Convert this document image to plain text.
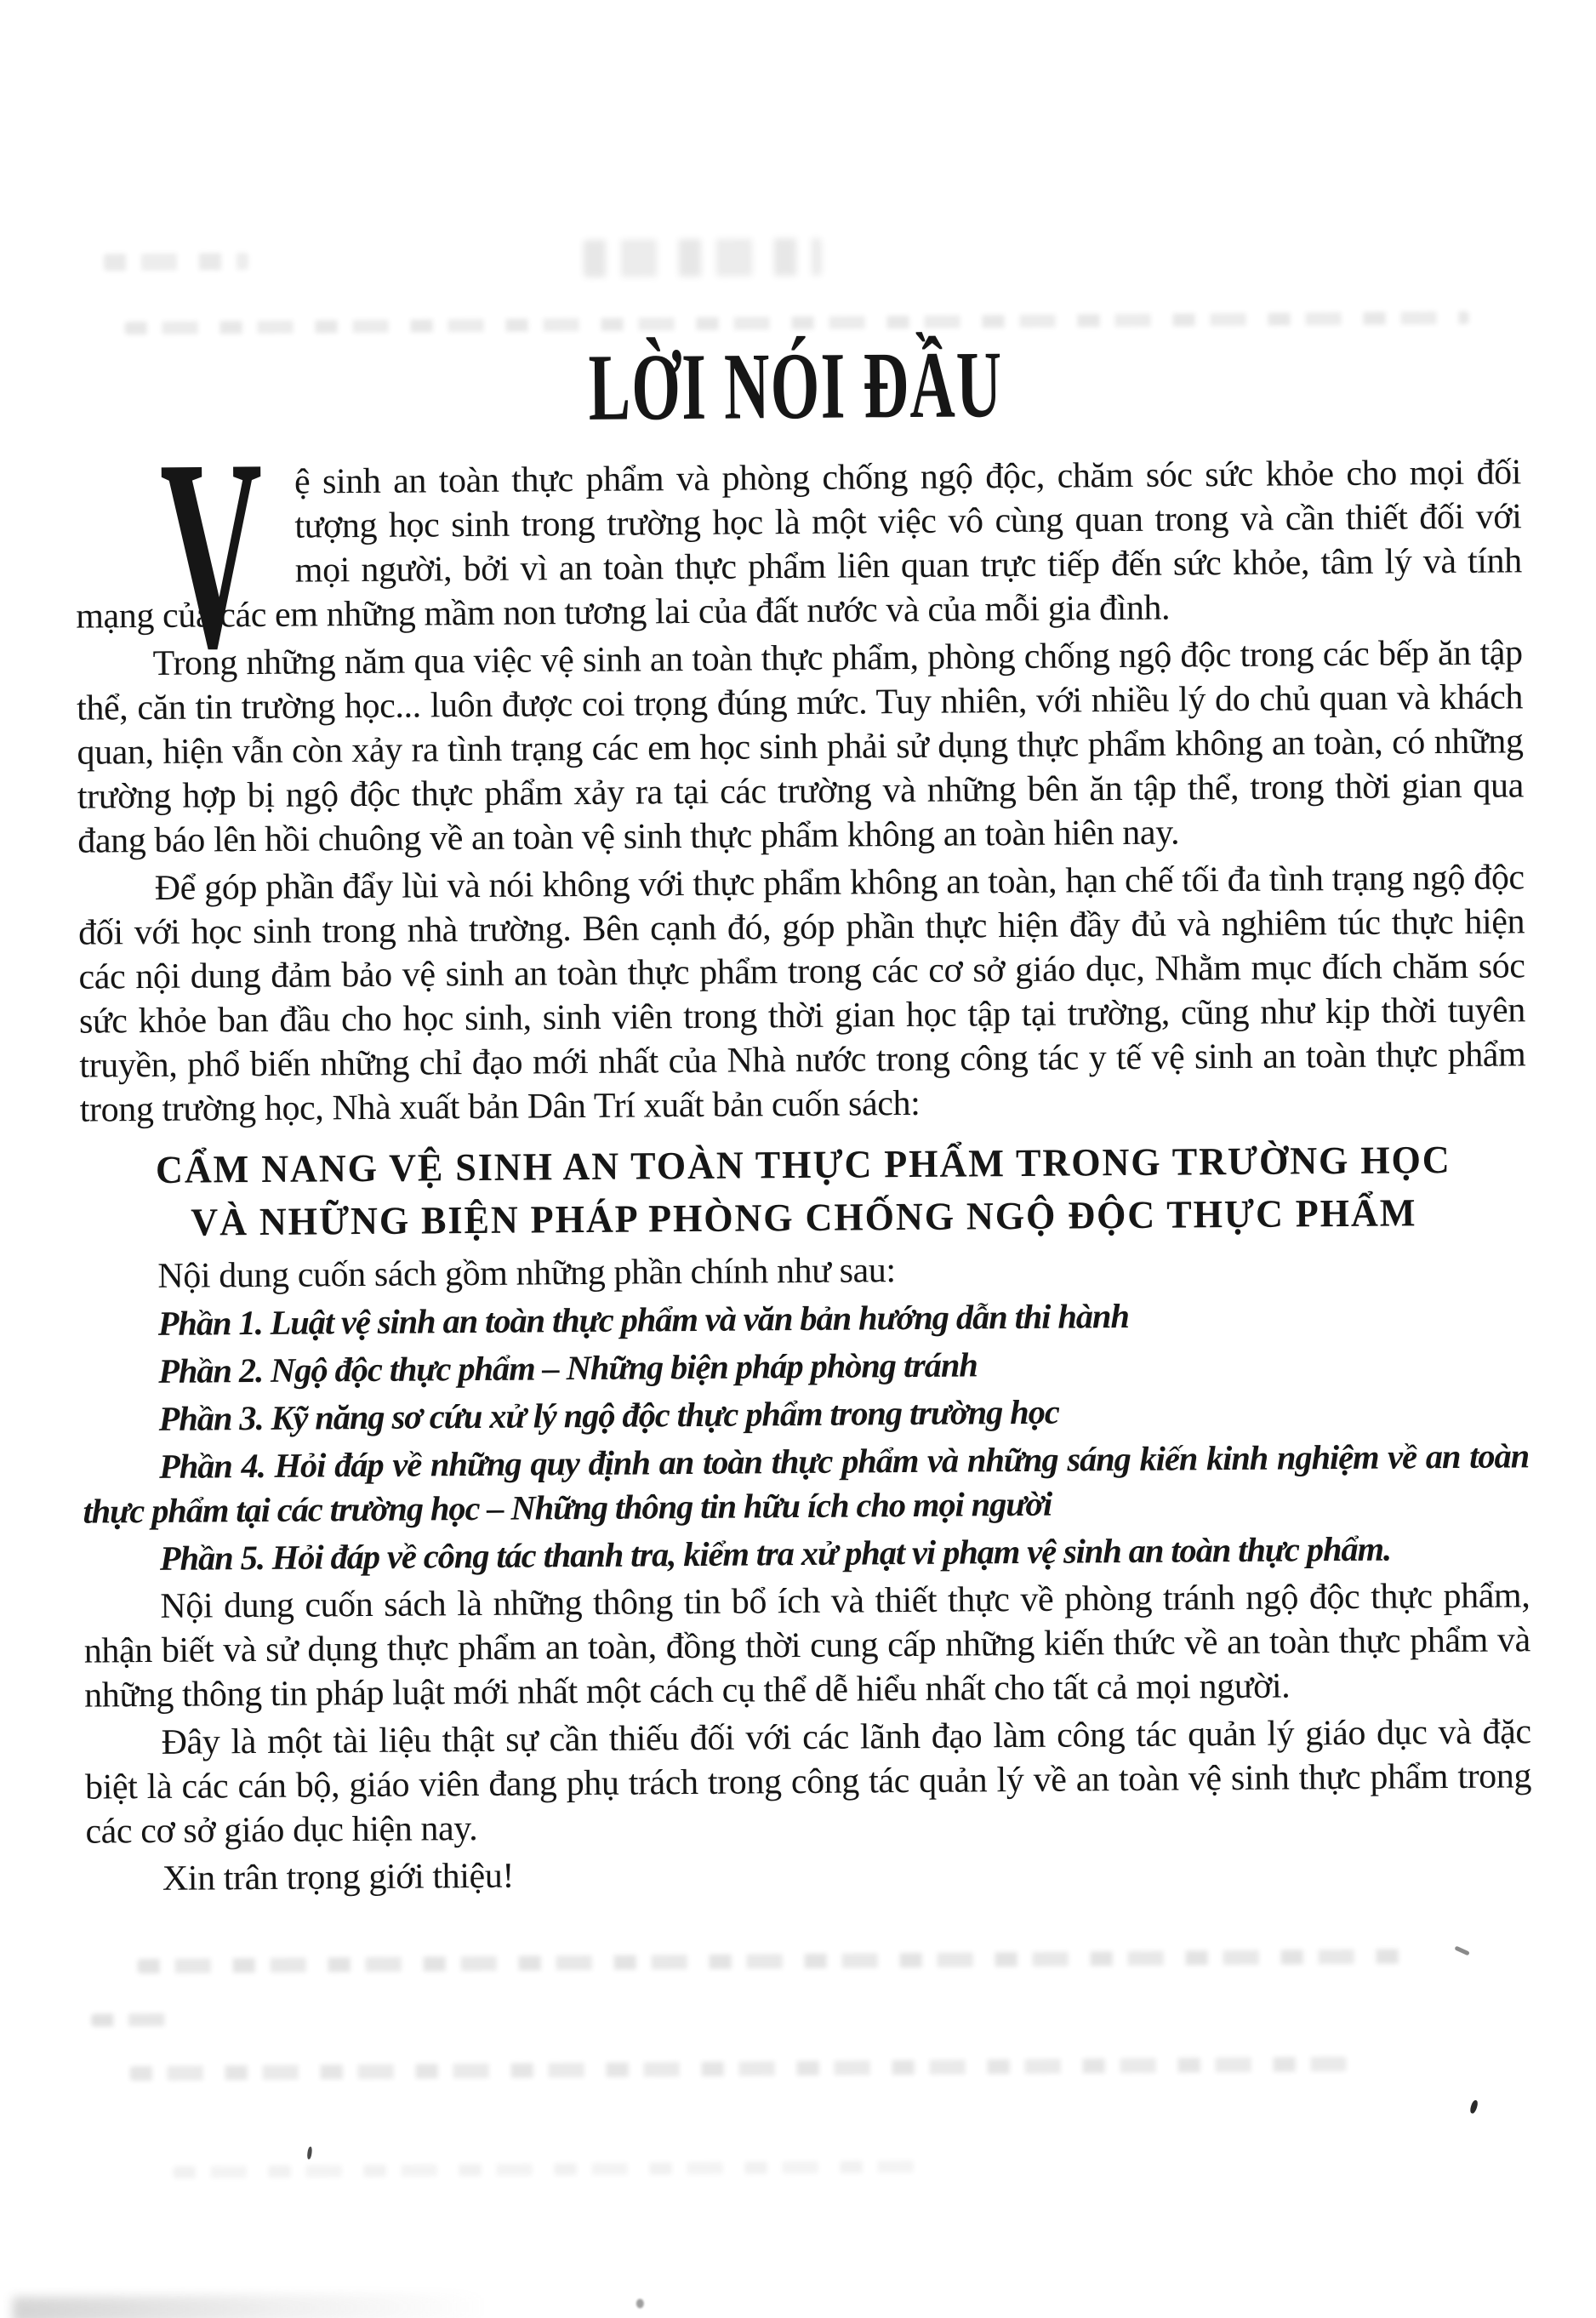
LỜI NÓI ĐẦU
V ệ sinh an toàn thực phẩm và phòng chống ngộ độc, chăm sóc sức khỏe cho mọi đối tượng học sinh trong trường học là một việc vô cùng quan trong và cần thiết đối với mọi người, bởi vì an toàn thực phẩm liên quan trực tiếp đến sức khỏe, tâm lý và tính mạng của các em những mầm non tương lai của đất nước và của mỗi gia đình.

Trong những năm qua việc vệ sinh an toàn thực phẩm, phòng chống ngộ độc trong các bếp ăn tập thể, căn tin trường học... luôn được coi trọng đúng mức. Tuy nhiên, với nhiều lý do chủ quan và khách quan, hiện vẫn còn xảy ra tình trạng các em học sinh phải sử dụng thực phẩm không an toàn, có những trường hợp bị ngộ độc thực phẩm xảy ra tại các trường và những bên ăn tập thể, trong thời gian qua đang báo lên hồi chuông về an toàn vệ sinh thực phẩm không an toàn hiên nay.

Để góp phần đẩy lùi và nói không với thực phẩm không an toàn, hạn chế tối đa tình trạng ngộ độc đối với học sinh trong nhà trường. Bên cạnh đó, góp phần thực hiện đầy đủ và nghiêm túc thực hiện các nội dung đảm bảo vệ sinh an toàn thực phẩm trong các cơ sở giáo dục, Nhằm mục đích chăm sóc sức khỏe ban đầu cho học sinh, sinh viên trong thời gian học tập tại trường, cũng như kịp thời tuyên truyền, phổ biến những chỉ đạo mới nhất của Nhà nước trong công tác y tế vệ sinh an toàn thực phẩm trong trường học, Nhà xuất bản Dân Trí xuất bản cuốn sách:

CẨM NANG VỆ SINH AN TOÀN THỰC PHẨM TRONG TRƯỜNG HỌC
VÀ NHỮNG BIỆN PHÁP PHÒNG CHỐNG NGỘ ĐỘC THỰC PHẨM

Nội dung cuốn sách gồm những phần chính như sau:

Phần 1. Luật vệ sinh an toàn thực phẩm và văn bản hướng dẫn thi hành

Phần 2. Ngộ độc thực phẩm – Những biện pháp phòng tránh

Phần 3. Kỹ năng sơ cứu xử lý ngộ độc thực phẩm trong trường học

Phần 4. Hỏi đáp về những quy định an toàn thực phẩm và những sáng kiến kinh nghiệm về an toàn thực phẩm tại các trường học – Những thông tin hữu ích cho mọi người

Phần 5. Hỏi đáp về công tác thanh tra, kiểm tra xử phạt vi phạm vệ sinh an toàn thực phẩm.

Nội dung cuốn sách là những thông tin bổ ích và thiết thực về phòng tránh ngộ độc thực phẩm, nhận biết và sử dụng thực phẩm an toàn, đồng thời cung cấp những kiến thức về an toàn thực phẩm và những thông tin pháp luật mới nhất một cách cụ thể dễ hiểu nhất cho tất cả mọi người.

Đây là một tài liệu thật sự cần thiếu đối với các lãnh đạo làm công tác quản lý giáo dục và đặc biệt là các cán bộ, giáo viên đang phụ trách trong công tác quản lý về an toàn vệ sinh thực phẩm trong các cơ sở giáo dục hiện nay.

Xin trân trọng giới thiệu!
